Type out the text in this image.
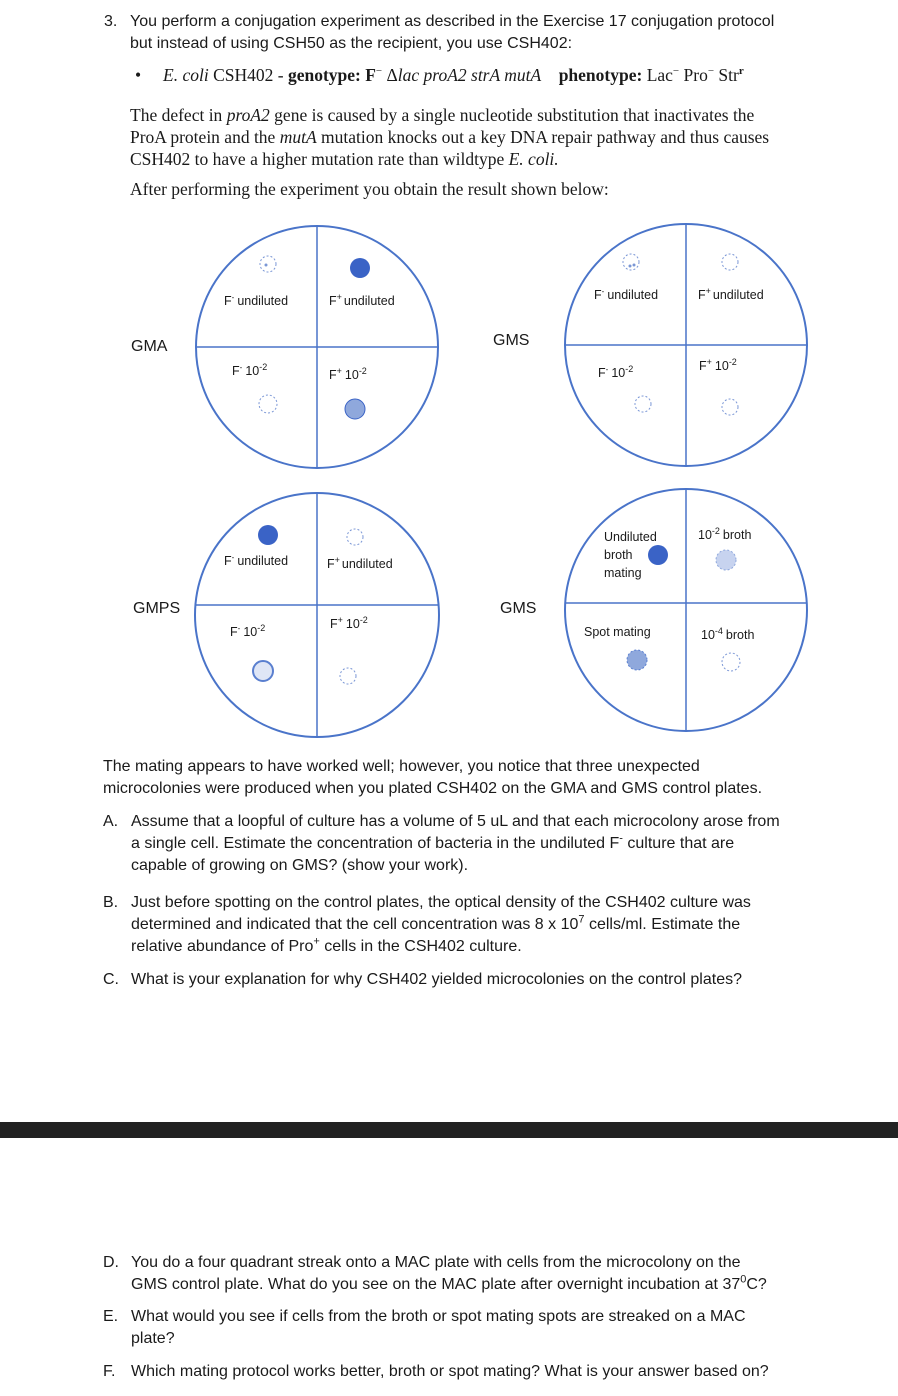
3. You perform a conjugation experiment as described in the Exercise 17 conjugation protocol
but instead of using CSH50 as the recipient, you use CSH402:
• E. coli CSH402 - genotype: F− Δlac proA2 strA mutA phenotype: Lac− Pro− Str$^r$
The defect in proA2 gene is caused by a single nucleotide substitution that inactivates the
ProA protein and the mutA mutation knocks out a key DNA repair pathway and thus causes
CSH402 to have a higher mutation rate than wildtype E. coli.
After performing the experiment you obtain the result shown below:
F- undiluted	F+ undiluted
F- $10^{-2}$
F+ $10^{-2}$
GMA
F- undiluted	F+ undiluted
F- $10^{-2}$	F+ $10^{-2}$
GMS
F- undiluted	F+ undiluted
F- $10^{-2}$	F+ $10^{-2}$
GMPS
Undiluted
broth
mating
$10^{-2}$ broth
Spot mating	$10^{-4}$ broth
GMS
The mating appears to have worked well; however, you notice that three unexpected
microcolonies were produced when you plated CSH402 on the GMA and GMS control plates.
A. Assume that a loopful of culture has a volume of 5 uL and that each microcolony arose from
a single cell. Estimate the concentration of bacteria in the undiluted F- culture that are
capable of growing on GMS? (show your work).
B. Just before spotting on the control plates, the optical density of the CSH402 culture was
determined and indicated that the cell concentration was 8 x $10^7$ cells/ml. Estimate the
relative abundance of Pro+ cells in the CSH402 culture.
C. What is your explanation for why CSH402 yielded microcolonies on the control plates?
D. You do a four quadrant streak onto a MAC plate with cells from the microcolony on the
GMS control plate. What do you see on the MAC plate after overnight incubation at $37^0C$?
E. What would you see if cells from the broth or spot mating spots are streaked on a MAC
plate?
F. Which mating protocol works better, broth or spot mating? What is your answer based on?
